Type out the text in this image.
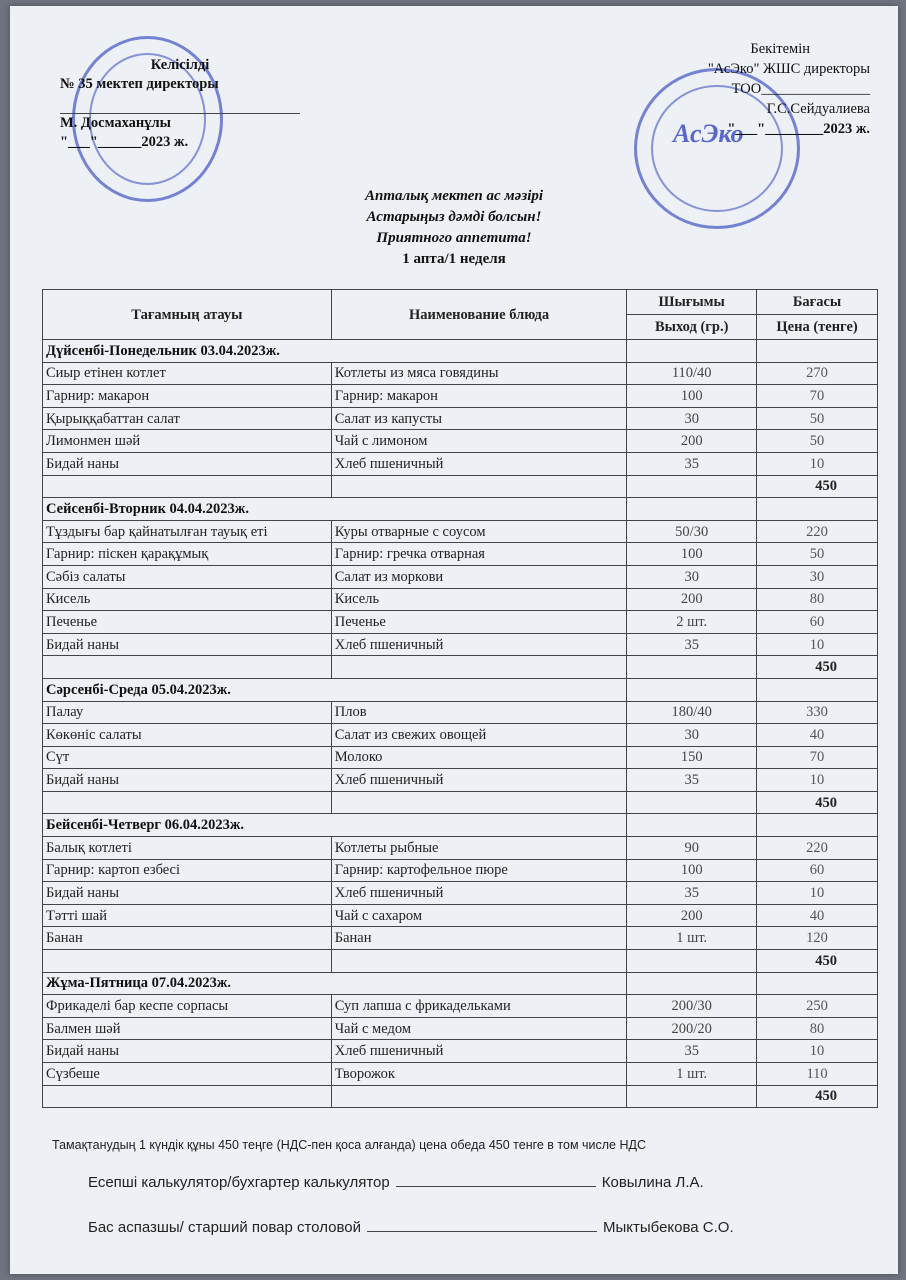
АсЭко
Келісілді
№ 35 мектеп директоры
М. Досмаханұлы
"___"______2023 ж.
Бекітемін
"АсЭко" ЖШС директоры
ТОО_______________
Г.С.Сейдуалиева
"___"________2023 ж.
Апталық мектеп ас мәзірі
Астарыңыз дәмді болсын!
Приятного аппетита!
1 апта/1 неделя
Тағамның атауы	Наименование блюда	Шығымы	Бағасы
		Выход (гр.)	Цена (тенге)
Дүйсенбі-Понедельник 03.04.2023ж.			
Сиыр етінен котлет	Котлеты из мяса говядины	110/40	270
Гарнир: макарон	Гарнир: макарон	100	70
Қырыққабаттан салат	Салат из капусты	30	50
Лимонмен шәй	Чай с лимоном	200	50
Бидай наны	Хлеб пшеничный	35	10
			450
Сейсенбі-Вторник 04.04.2023ж.			
Тұздығы бар қайнатылған тауық еті	Куры отварные с соусом	50/30	220
Гарнир: піскен қарақұмық	Гарнир: гречка отварная	100	50
Сәбіз салаты	Салат из моркови	30	30
Кисель	Кисель	200	80
Печенье	Печенье	2 шт.	60
Бидай наны	Хлеб пшеничный	35	10
			450
Сәрсенбі-Среда 05.04.2023ж.			
Палау	Плов	180/40	330
Көкөніс салаты	Салат из свежих овощей	30	40
Сүт	Молоко	150	70
Бидай наны	Хлеб пшеничный	35	10
			450
Бейсенбі-Четверг 06.04.2023ж.			
Балық котлеті	Котлеты рыбные	90	220
Гарнир: картоп езбесі	Гарнир: картофельное пюре	100	60
Бидай наны	Хлеб пшеничный	35	10
Тәтті шай	Чай с сахаром	200	40
Банан	Банан	1 шт.	120
			450
Жұма-Пятница 07.04.2023ж.			
Фрикаделі бар кеспе сорпасы	Суп лапша с фрикадельками	200/30	250
Балмен шәй	Чай с медом	200/20	80
Бидай наны	Хлеб пшеничный	35	10
Сүзбеше	Творожок	1 шт.	110
			450
Тамақтанудың 1 күндік құны 450 теңге (НДС-пен қоса алғанда) цена обеда 450 тенге в том числе НДС
Есепші калькулятор/бухгартер калькулятор	Ковылина Л.А.
Бас аспазшы/ старший повар столовой	Мыктыбекова С.О.
